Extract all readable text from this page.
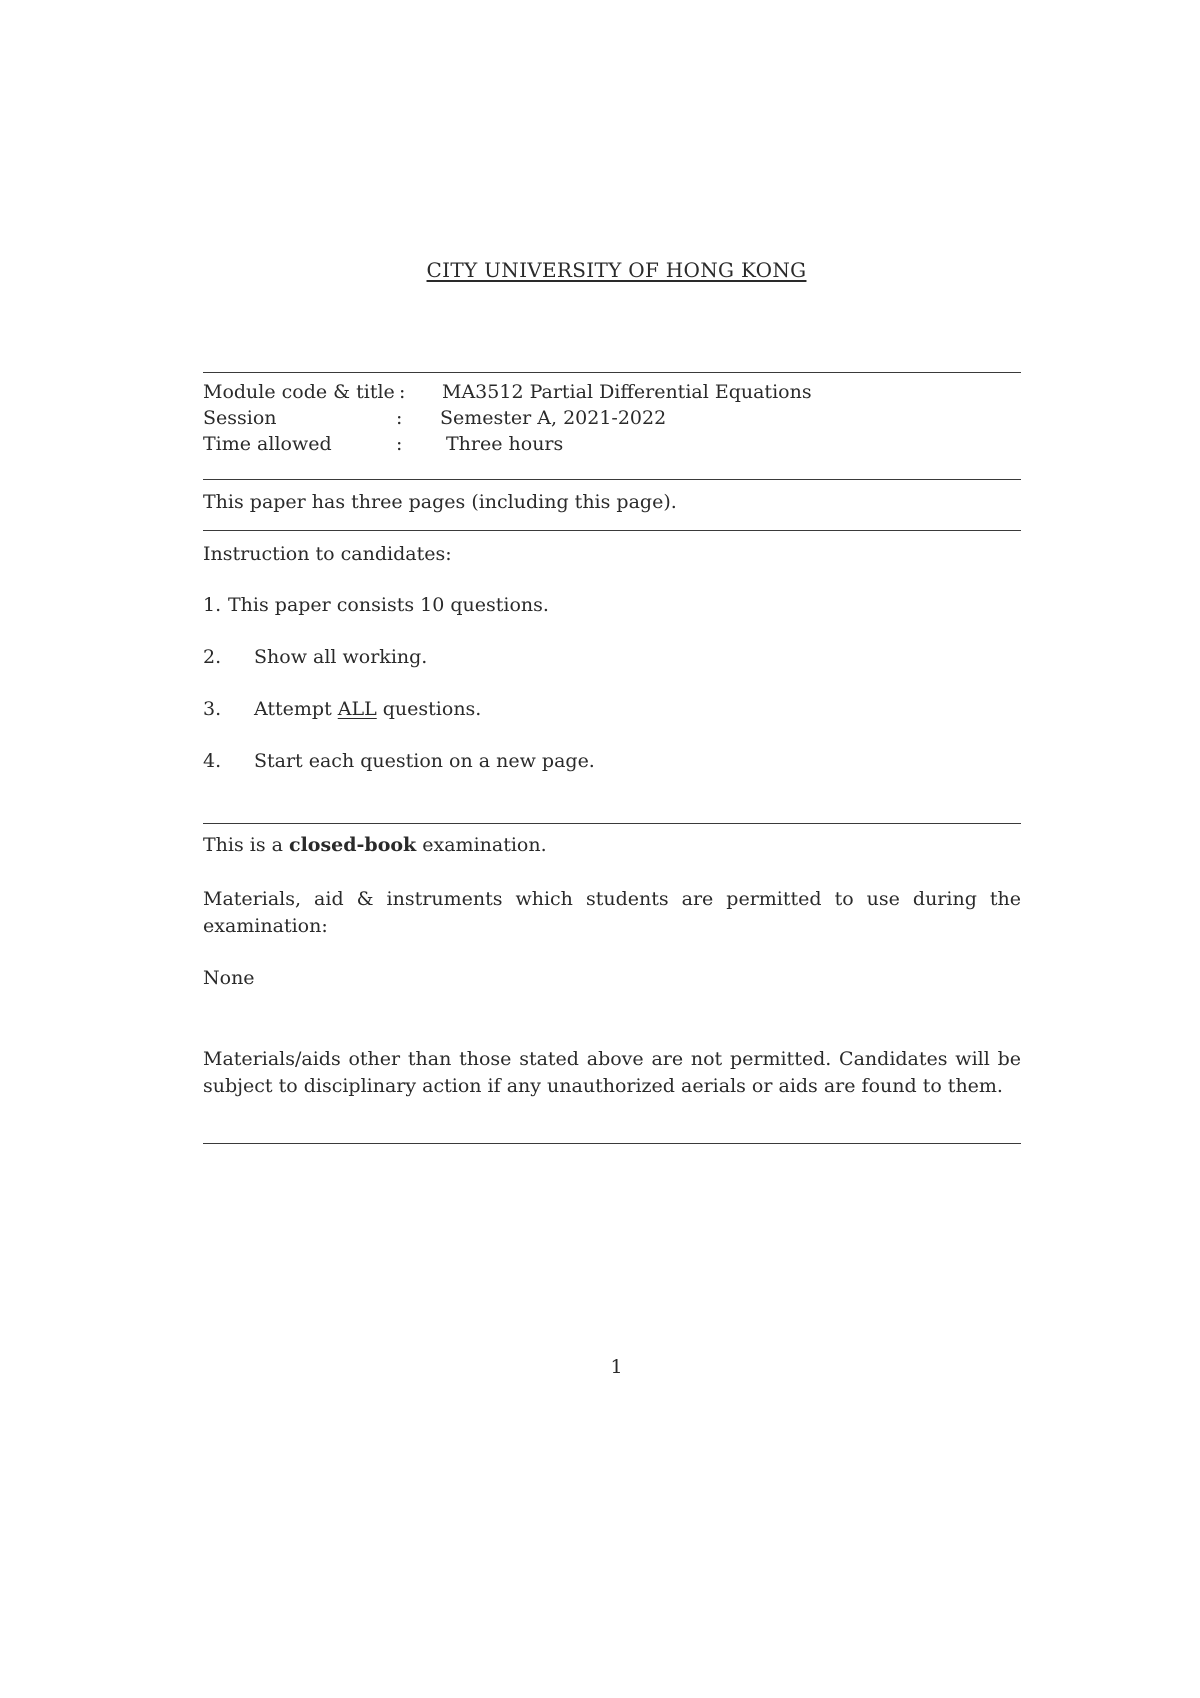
CITY UNIVERSITY OF HONG KONG
Module code & title : MA3512 Partial Differential Equations
Session	: Semester A, 2021-2022
Time allowed	: Three hours
This paper has three pages (including this page).
Instruction to candidates:
1. This paper consists 10 questions.
2. Show all working.
3. Attempt ALL questions.
4. Start each question on a new page.
This is a closed-book examination.
Materials, aid & instruments which students are permitted to use during the examination:
None
Materials/aids other than those stated above are not permitted. Candidates will be subject to disciplinary action if any unauthorized aerials or aids are found to them.
1
